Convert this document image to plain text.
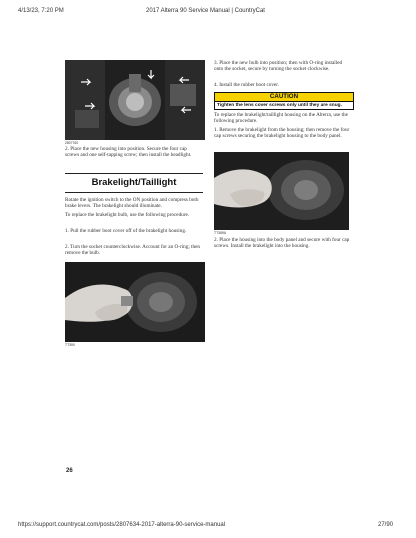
4/13/23, 7:20 PM	2017 Alterra 90 Service Manual | CountryCat
https://support.countrycat.com/posts/2807634-2017-alterra-90-service-manual	27/90
2807760
2. Place the new housing into position. Secure the four cap screws and one self-tapping screw; then install the headlight.
Brakelight/Taillight
Rotate the ignition switch to the ON position and compress both brake levers. The brakelight should illuminate.
To replace the brakelight bulb, use the following procedure.
1. Pull the rubber boot cover off of the brakelight housing.
2. Turn the socket counterclockwise. Account for an O-ring; then remove the bulb.
TT390
26
3. Place the new bulb into position; then with O-ring installed onto the socket, secure by turning the socket clockwise.
4. Install the rubber boot cover.
CAUTION
Tighten the lens cover screws only until they are snug.
To replace the brakelight/taillight housing on the Alterra, use the following procedure.
1. Remove the brakelight from the housing; then remove the four cap screws securing the brakelight housing to the body panel.
TT389A
2. Place the housing into the body panel and secure with four cap screws. Install the brakelight into the housing.
